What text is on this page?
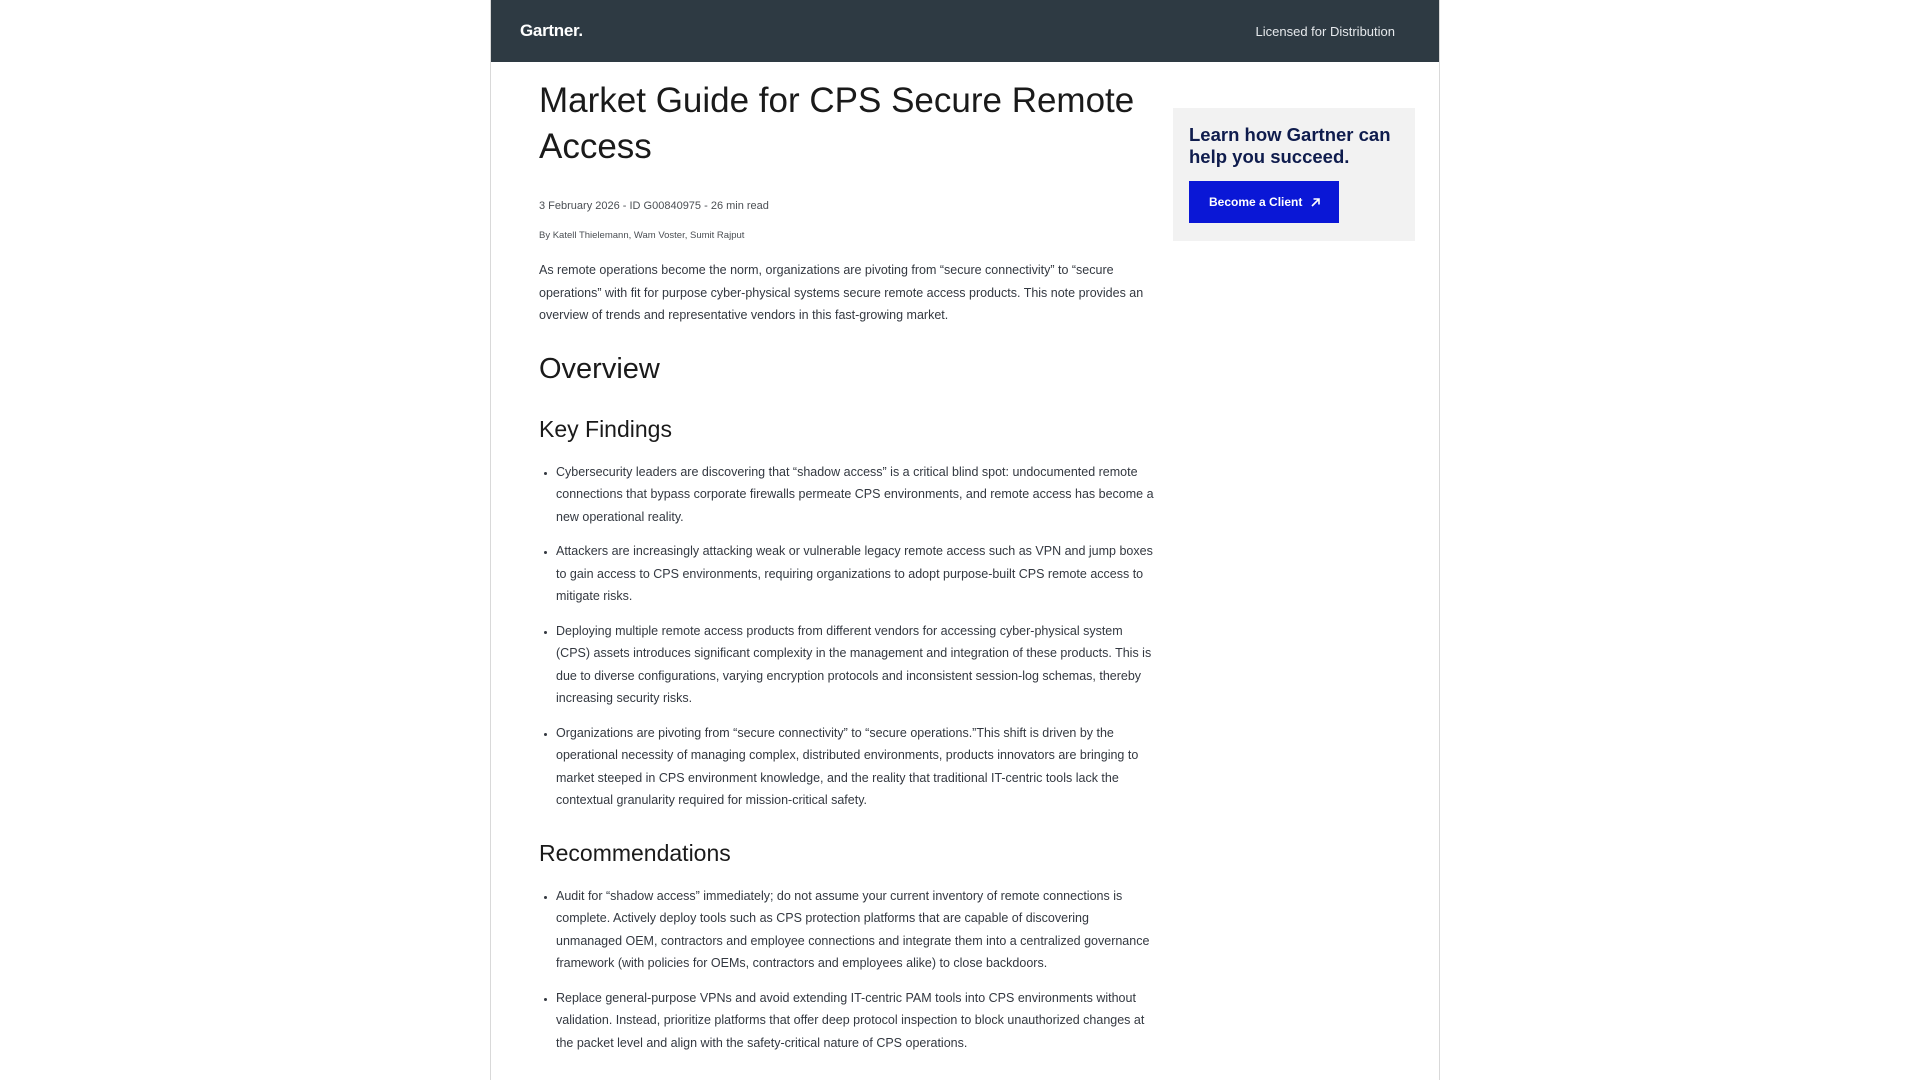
Gartner.	Licensed for Distribution
Market Guide for CPS Secure Remote Access

3 February 2026 - ID G00840975 - 26 min read

By Katell Thielemann, Wam Voster, Sumit Rajput

As remote operations become the norm, organizations are pivoting from “secure connectivity” to “secure operations” with fit for purpose cyber-physical systems secure remote access products. This note provides an overview of trends and representative vendors in this fast-growing market.

Overview
Key Findings
• Cybersecurity leaders are discovering that “shadow access” is a critical blind spot: undocumented remote connections that bypass corporate firewalls permeate CPS environments, and remote access has become a new operational reality.
• Attackers are increasingly attacking weak or vulnerable legacy remote access such as VPN and jump boxes to gain access to CPS environments, requiring organizations to adopt purpose-built CPS remote access to mitigate risks.
• Deploying multiple remote access products from different vendors for accessing cyber-physical system (CPS) assets introduces significant complexity in the management and integration of these products. This is due to diverse configurations, varying encryption protocols and inconsistent session-log schemas, thereby increasing security risks.
• Organizations are pivoting from “secure connectivity” to “secure operations.”This shift is driven by the operational necessity of managing complex, distributed environments, products innovators are bringing to market steeped in CPS environment knowledge, and the reality that traditional IT-centric tools lack the contextual granularity required for mission-critical safety.
Recommendations
• Audit for “shadow access” immediately; do not assume your current inventory of remote connections is complete. Actively deploy tools such as CPS protection platforms that are capable of discovering unmanaged OEM, contractors and employee connections and integrate them into a centralized governance framework (with policies for OEMs, contractors and employees alike) to close backdoors.
• Replace general-purpose VPNs and avoid extending IT-centric PAM tools into CPS environments without validation. Instead, prioritize platforms that offer deep protocol inspection to block unauthorized changes at the packet level and align with the safety-critical nature of CPS operations.
Learn how Gartner can help you succeed.
Become a Client
